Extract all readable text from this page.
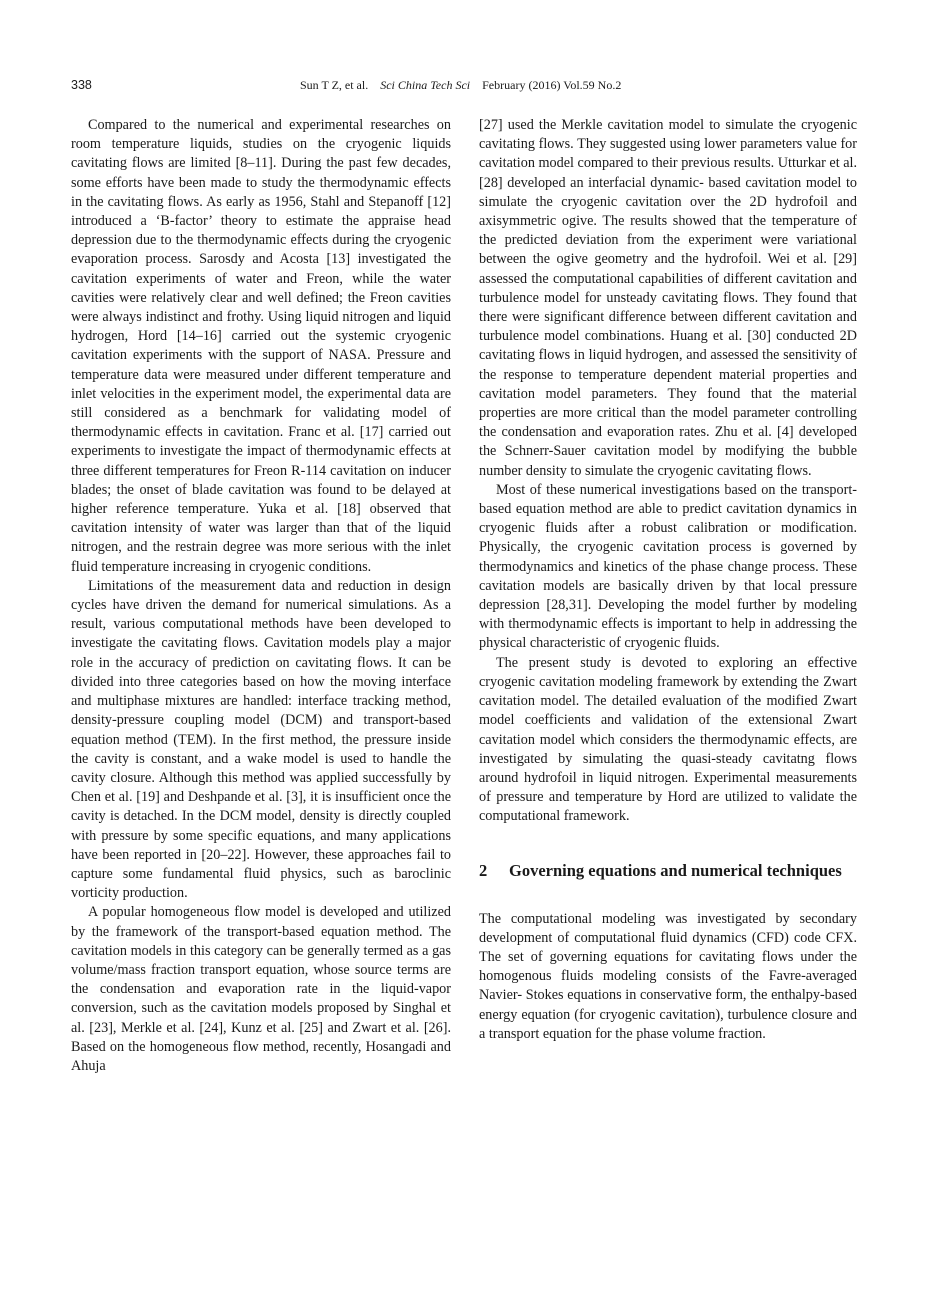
338	Sun T Z, et al. Sci China Tech Sci February (2016) Vol.59 No.2

Compared to the numerical and experimental researches on room temperature liquids, studies on the cryogenic liquids cavitating flows are limited [8–11]. During the past few decades, some efforts have been made to study the thermodynamic effects in the cavitating flows. As early as 1956, Stahl and Stepanoff [12] introduced a ‘B-factor’ theory to estimate the appraise head depression due to the thermodynamic effects during the cryogenic evaporation process. Sarosdy and Acosta [13] investigated the cavitation experiments of water and Freon, while the water cavities were relatively clear and well defined; the Freon cavities were always indistinct and frothy. Using liquid nitrogen and liquid hydrogen, Hord [14–16] carried out the systemic cryogenic cavitation experiments with the support of NASA. Pressure and temperature data were measured under different temperature and inlet velocities in the experiment model, the experimental data are still considered as a benchmark for validating model of thermodynamic effects in cavitation. Franc et al. [17] carried out experiments to investigate the impact of thermodynamic effects at three different temperatures for Freon R-114 cavitation on inducer blades; the onset of blade cavitation was found to be delayed at higher reference temperature. Yuka et al. [18] observed that cavitation intensity of water was larger than that of the liquid nitrogen, and the restrain degree was more serious with the inlet fluid temperature increasing in cryogenic conditions.

Limitations of the measurement data and reduction in design cycles have driven the demand for numerical simulations. As a result, various computational methods have been developed to investigate the cavitating flows. Cavitation models play a major role in the accuracy of prediction on cavitating flows. It can be divided into three categories based on how the moving interface and multiphase mixtures are handled: interface tracking method, density-pressure coupling model (DCM) and transport-based equation method (TEM). In the first method, the pressure inside the cavity is constant, and a wake model is used to handle the cavity closure. Although this method was applied successfully by Chen et al. [19] and Deshpande et al. [3], it is insufficient once the cavity is detached. In the DCM model, density is directly coupled with pressure by some specific equations, and many applications have been reported in [20–22]. However, these approaches fail to capture some fundamental fluid physics, such as baroclinic vorticity production.

A popular homogeneous flow model is developed and utilized by the framework of the transport-based equation method. The cavitation models in this category can be generally termed as a gas volume/mass fraction transport equation, whose source terms are the condensation and evaporation rate in the liquid-vapor conversion, such as the cavitation models proposed by Singhal et al. [23], Merkle et al. [24], Kunz et al. [25] and Zwart et al. [26]. Based on the homogeneous flow method, recently, Hosangadi and Ahuja

[27] used the Merkle cavitation model to simulate the cryogenic cavitating flows. They suggested using lower parameters value for cavitation model compared to their previous results. Utturkar et al. [28] developed an interfacial dynamic- based cavitation model to simulate the cryogenic cavitation over the 2D hydrofoil and axisymmetric ogive. The results showed that the temperature of the predicted deviation from the experiment were variational between the ogive geometry and the hydrofoil. Wei et al. [29] assessed the computational capabilities of different cavitation and turbulence model for unsteady cavitating flows. They found that there were significant difference between different cavitation and turbulence model combinations. Huang et al. [30] conducted 2D cavitating flows in liquid hydrogen, and assessed the sensitivity of the response to temperature dependent material properties and cavitation model parameters. They found that the material properties are more critical than the model parameter controlling the condensation and evaporation rates. Zhu et al. [4] developed the Schnerr-Sauer cavitation model by modifying the bubble number density to simulate the cryogenic cavitating flows.

Most of these numerical investigations based on the transport-based equation method are able to predict cavitation dynamics in cryogenic fluids after a robust calibration or modification. Physically, the cryogenic cavitation process is governed by thermodynamics and kinetics of the phase change process. These cavitation models are basically driven by that local pressure depression [28,31]. Developing the model further by modeling with thermodynamic effects is important to help in addressing the physical characteristic of cryogenic fluids.

The present study is devoted to exploring an effective cryogenic cavitation modeling framework by extending the Zwart cavitation model. The detailed evaluation of the modified Zwart model coefficients and validation of the extensional Zwart cavitation model which considers the thermodynamic effects, are investigated by simulating the quasi-steady cavitatng flows around hydrofoil in liquid nitrogen. Experimental measurements of pressure and temperature by Hord are utilized to validate the computational framework.

2	Governing equations and numerical techniques

The computational modeling was investigated by secondary development of computational fluid dynamics (CFD) code CFX. The set of governing equations for cavitating flows under the homogenous fluids modeling consists of the Favre-averaged Navier- Stokes equations in conservative form, the enthalpy-based energy equation (for cryogenic cavitation), turbulence closure and a transport equation for the phase volume fraction.
